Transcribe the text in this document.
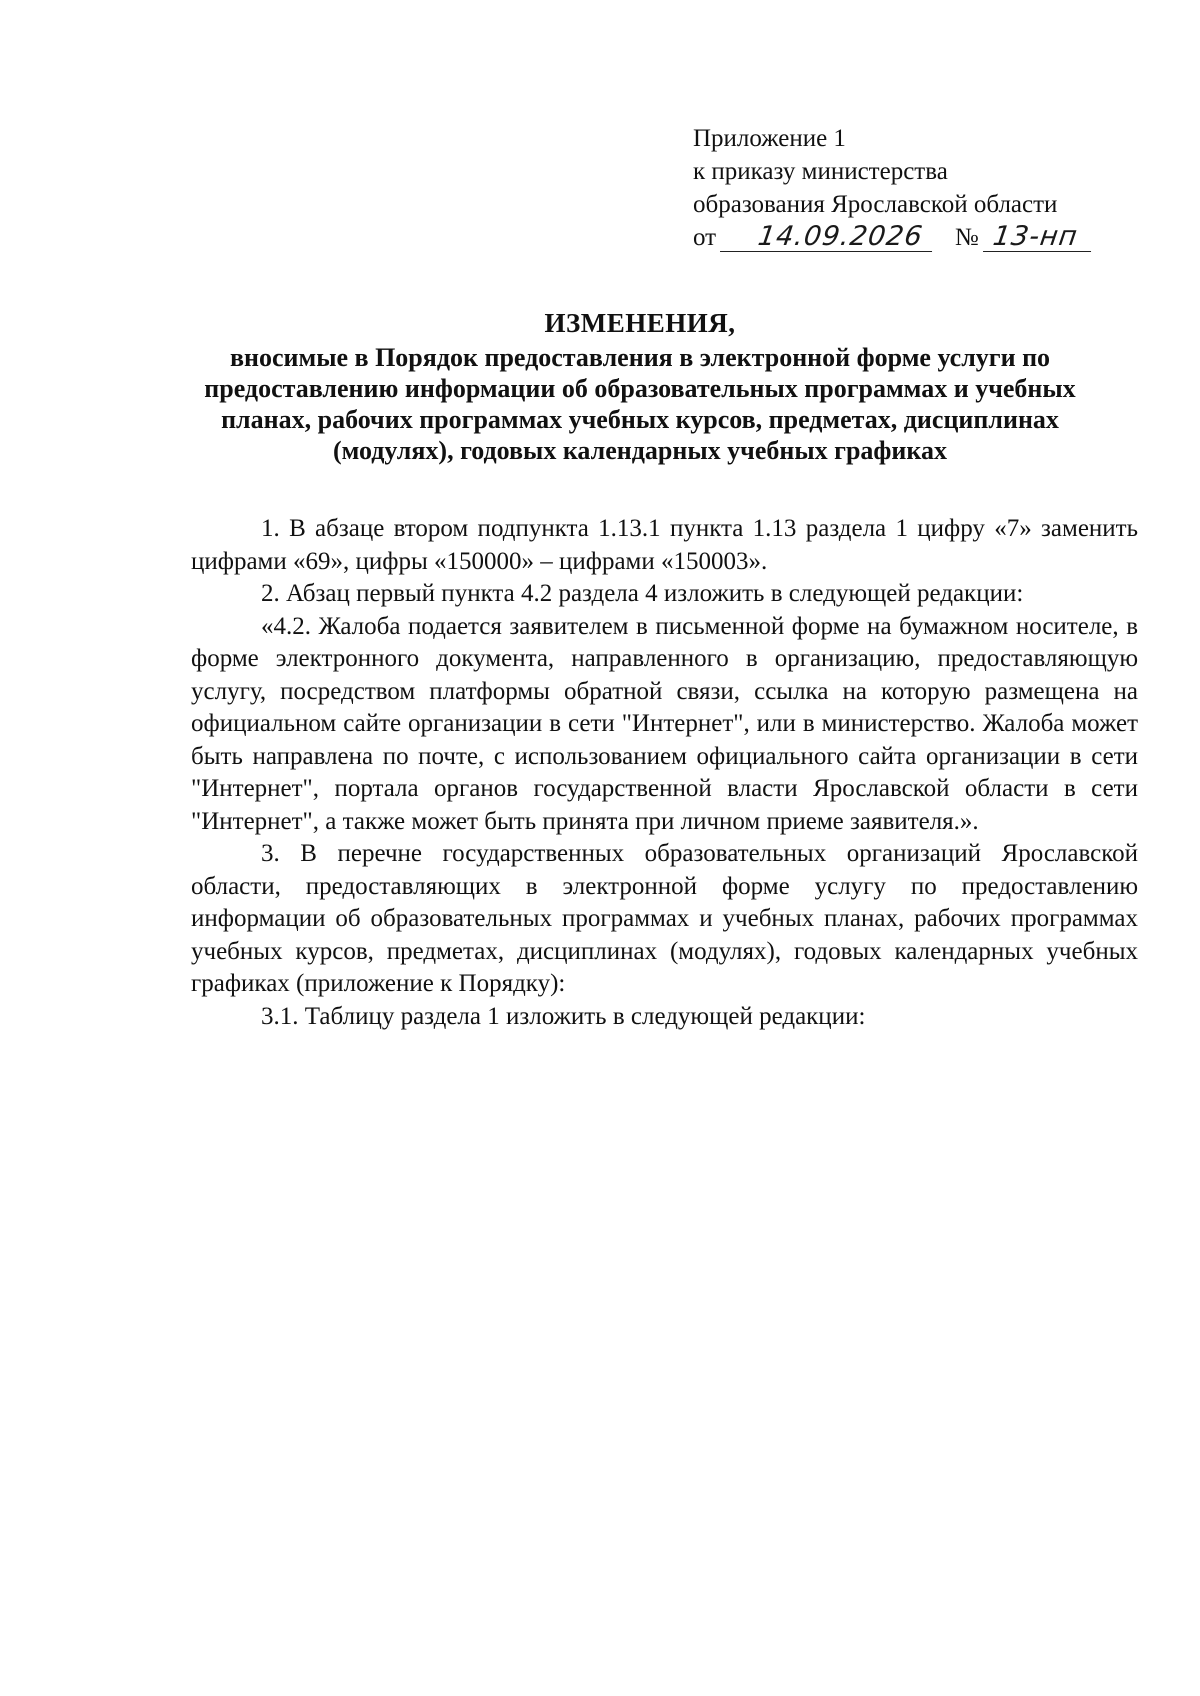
Приложение 1
к приказу министерства
образования Ярославской области
от 14.09.2026 № 13-нп
ИЗМЕНЕНИЯ,
вносимые в Порядок предоставления в электронной форме услуги по предоставлению информации об образовательных программах и учебных планах, рабочих программах учебных курсов, предметах, дисциплинах (модулях), годовых календарных учебных графиках

1. В абзаце втором подпункта 1.13.1 пункта 1.13 раздела 1 цифру «7» заменить цифрами «69», цифры «150000» – цифрами «150003».

2. Абзац первый пункта 4.2 раздела 4 изложить в следующей редакции:

«4.2. Жалоба подается заявителем в письменной форме на бумажном носителе, в форме электронного документа, направленного в организацию, предоставляющую услугу, посредством платформы обратной связи, ссылка на которую размещена на официальном сайте организации в сети "Интернет", или в министерство. Жалоба может быть направлена по почте, с использованием официального сайта организации в сети "Интернет", портала органов государственной власти Ярославской области в сети "Интернет", а также может быть принята при личном приеме заявителя.».

3. В перечне государственных образовательных организаций Ярославской области, предоставляющих в электронной форме услугу по предоставлению информации об образовательных программах и учебных планах, рабочих программах учебных курсов, предметах, дисциплинах (модулях), годовых календарных учебных графиках (приложение к Порядку):

3.1. Таблицу раздела 1 изложить в следующей редакции:
